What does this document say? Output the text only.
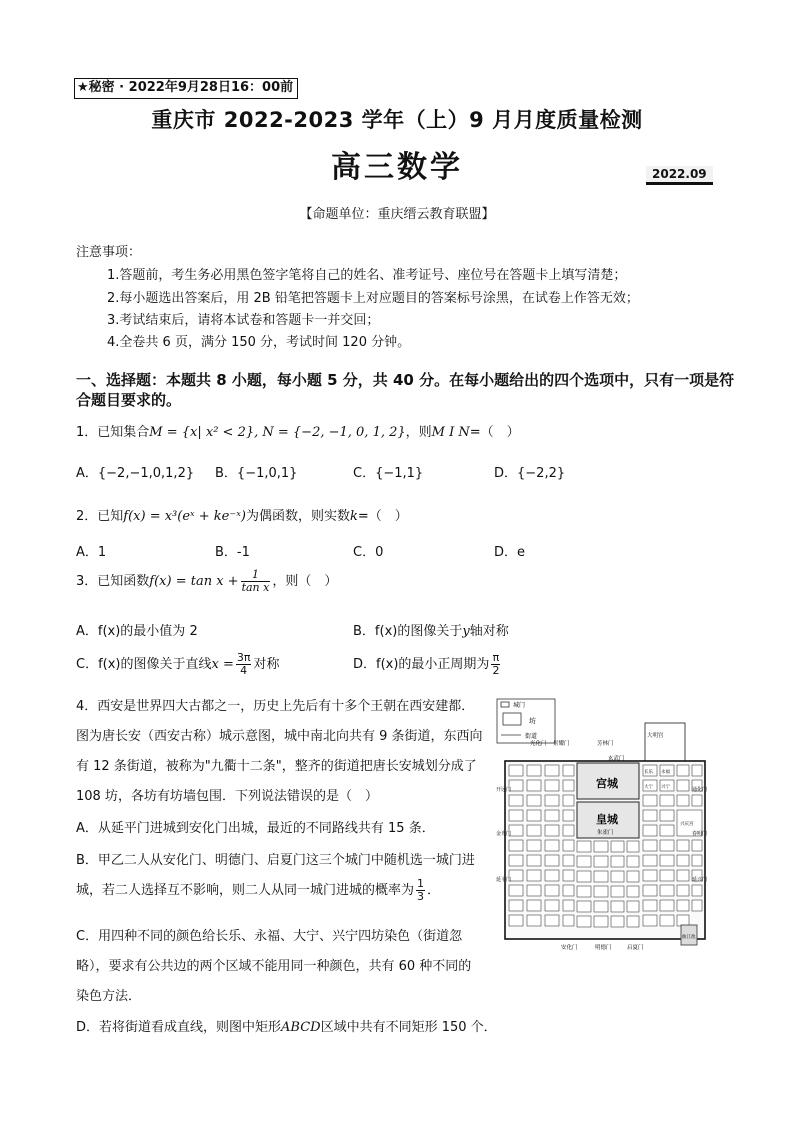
★秘密 · 2022年9月28日16：00前
重庆市 2022-2023 学年（上）9 月月度质量检测
高三数学	2022.09
【命题单位：重庆缙云教育联盟】
注意事项：
1.答题前，考生务必用黑色签字笔将自己的姓名、准考证号、座位号在答题卡上填写清楚；
2.每小题选出答案后，用 2B 铅笔把答题卡上对应题目的答案标号涂黑，在试卷上作答无效；
3.考试结束后，请将本试卷和答题卡一并交回；
4.全卷共 6 页，满分 150 分，考试时间 120 分钟。
一、选择题：本题共 8 小题，每小题 5 分，共 40 分。在每小题给出的四个选项中，只有一项是符合题目要求的。
1．已知集合M = {x| x² < 2}, N = {−2, −1, 0, 1, 2}，则M I N=（　）
A．{−2,−1,0,1,2} B．{−1,0,1}	C．{−1,1}	D．{−2,2}
2．已知f(x) = x³(eˣ + ke⁻ˣ)为偶函数，则实数k=（　）
A．1	B．-1	C．0	D．e
3．已知函数$f(x) = \tan x + \frac{1}{\text{tan x}}$ ，则（　）
A．f(x)的最小值为 2	B．f(x)的图像关于y轴对称
C．f(x)的图像关于直线$x = \frac{3\pi}{4}$ 对称	D．f(x)的最小正周期为 $\frac{\pi}{2}$
4．西安是世界四大古都之一，历史上先后有十多个王朝在西安建都．图为唐长安（西安古称）城示意图，城中南北向共有 9 条街道，东西向有 12 条街道，被称为"九衢十二条"，整齐的街道把唐长安城划分成了 108 坊，各坊有坊墙包围．下列说法错误的是（　）
A．从延平门进城到安化门出城，最近的不同路线共有 15 条．
B．甲乙二人从安化门、明德门、启夏门这三个城门中随机选一城门进城，若二人选择互不影响，则二人从同一城门进城的概率为 $\frac{1}{3}$ ．
C．用四种不同的颜色给长乐、永福、大宁、兴宁四坊染色（街道忽略），要求有公共边的两个区域不能用同一种颜色，共有 60 种不同的染色方法．
D．若将街道看成直线，则图中矩形ABCD区域中共有不同矩形 150 个．
城门
坊
街道
光化门 景耀门	芳林门
大明宫
宫城
玄武门
皇城
朱雀门
长乐 永福
大宁 兴宁
兴庆宫
开远门
金光门
延平门
通化门
春明门
延兴门
安化门	明德门	启夏门
曲江池
